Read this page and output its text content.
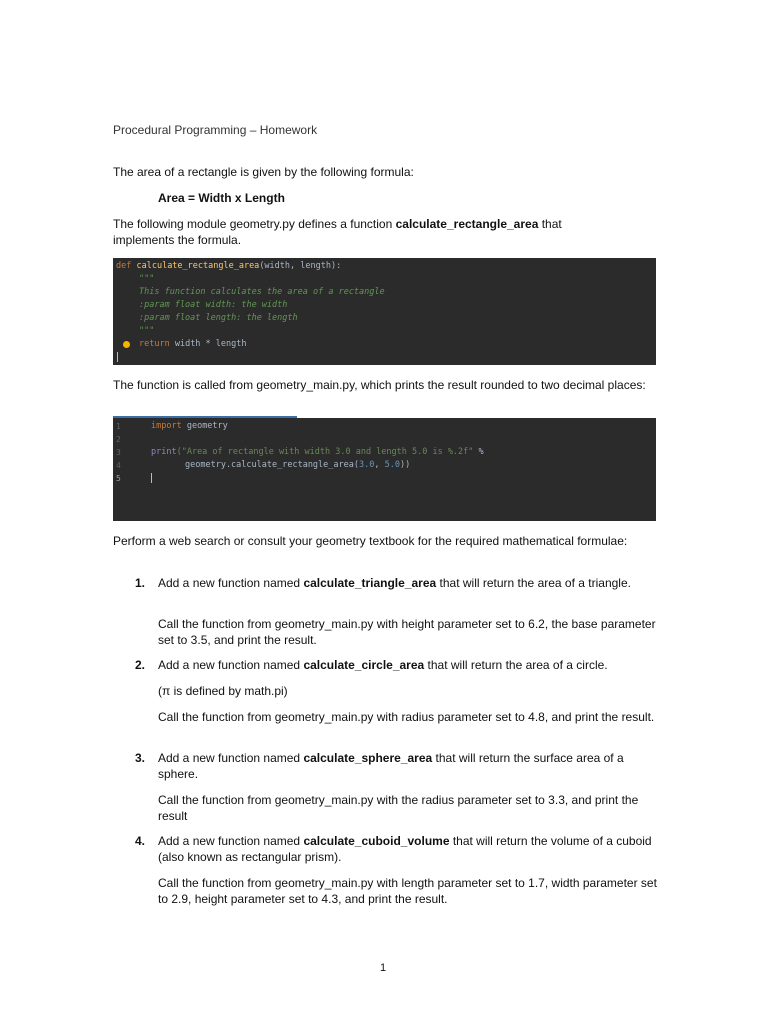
Procedural Programming – Homework

The area of a rectangle is given by the following formula:

Area = Width x Length

The following module geometry.py defines a function calculate_rectangle_area that implements the formula.

def calculate_rectangle_area(width, length):
"""
This function calculates the area of a rectangle
:param float width: the width
:param float length: the length
"""
return width * length

The function is called from geometry_main.py, which prints the result rounded to two decimal places:

1
2
3
4
5
import geometry
print("Area of rectangle with width 3.0 and length 5.0 is %.2f" %
geometry.calculate_rectangle_area(3.0, 5.0))

Perform a web search or consult your geometry textbook for the required mathematical formulae:

1. Add a new function named calculate_triangle_area that will return the area of a triangle.

Call the function from geometry_main.py with height parameter set to 6.2, the base parameter set to 3.5, and print the result.

2. Add a new function named calculate_circle_area that will return the area of a circle.

(π is defined by math.pi)

Call the function from geometry_main.py with radius parameter set to 4.8, and print the result.

3. Add a new function named calculate_sphere_area that will return the surface area of a sphere.

Call the function from geometry_main.py with the radius parameter set to 3.3, and print the result

4. Add a new function named calculate_cuboid_volume that will return the volume of a cuboid (also known as rectangular prism).

Call the function from geometry_main.py with length parameter set to 1.7, width parameter set to 2.9, height parameter set to 4.3, and print the result.

1
